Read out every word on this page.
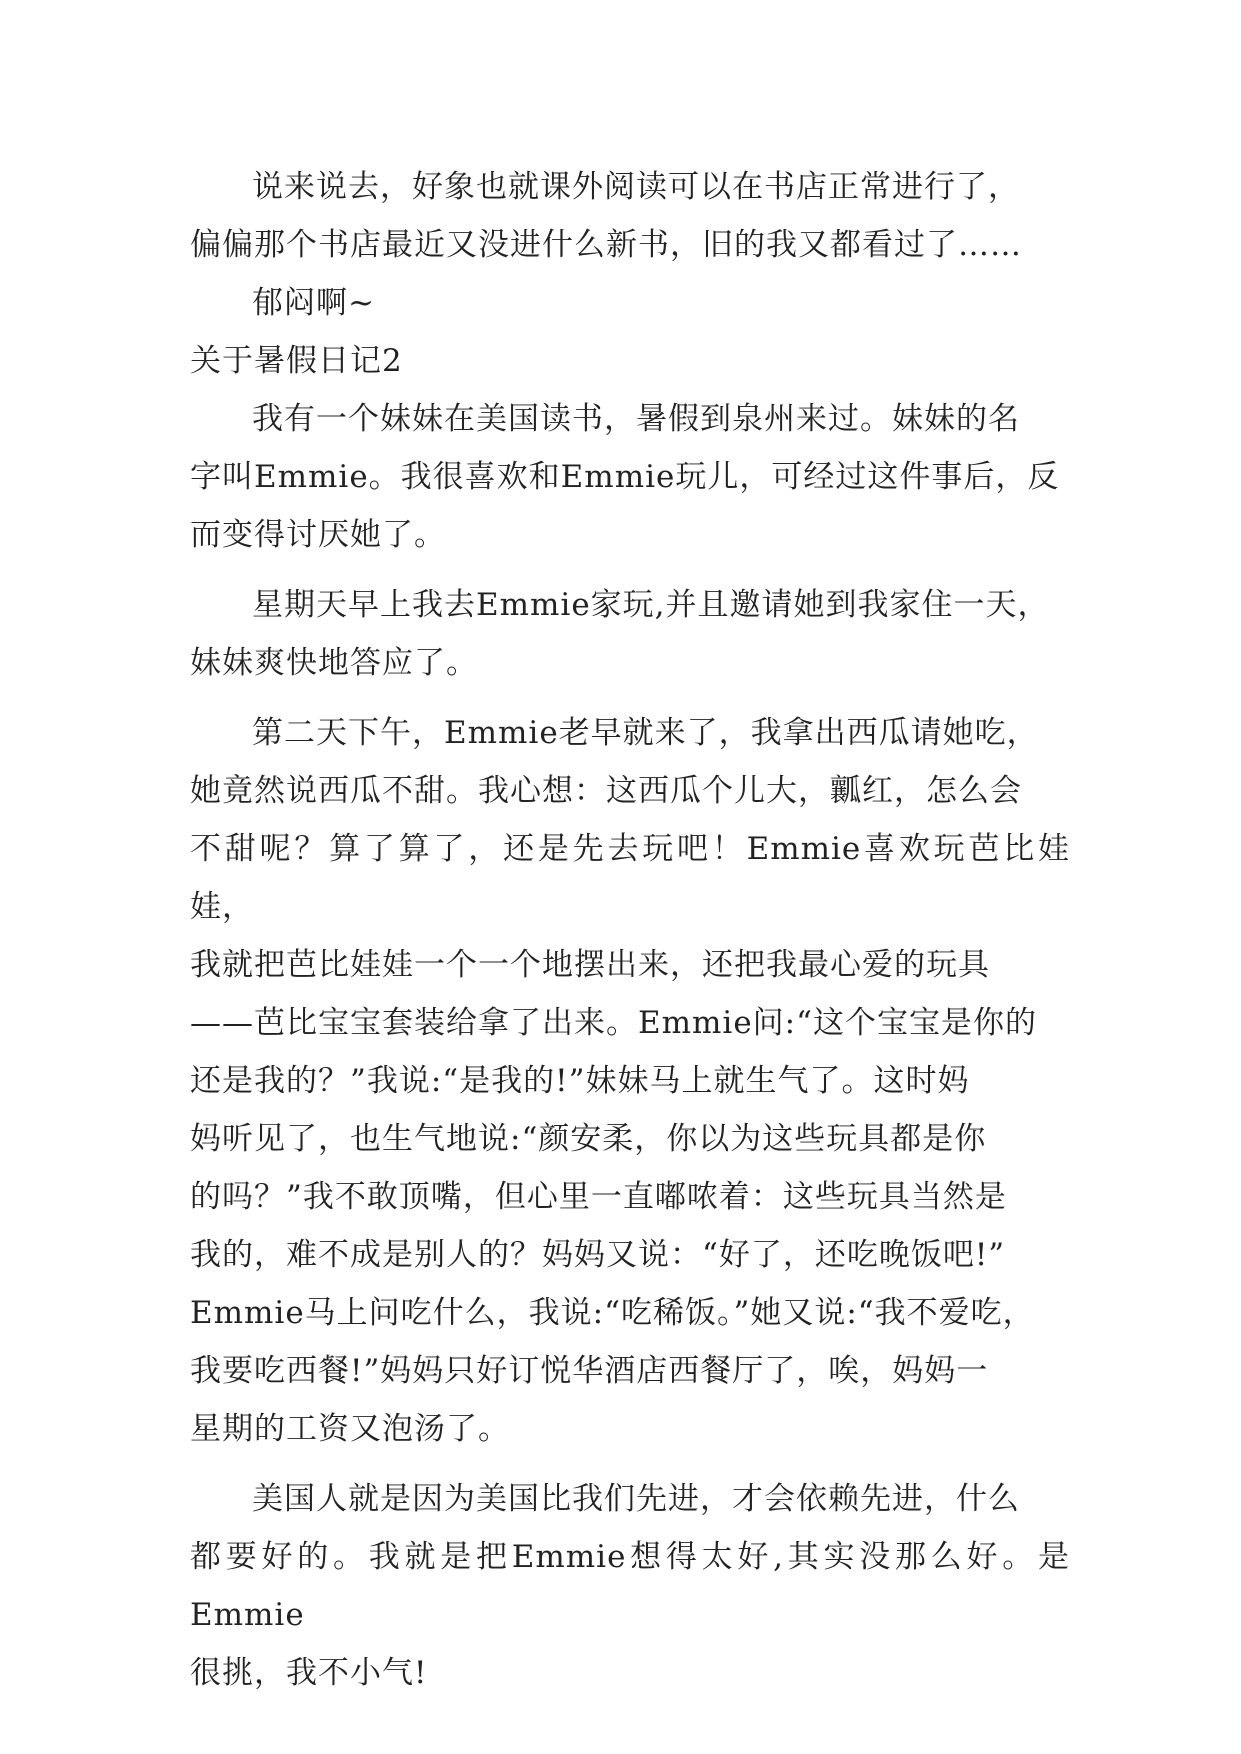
说来说去，好象也就课外阅读可以在书店正常进行了，
偏偏那个书店最近又没进什么新书，旧的我又都看过了……

郁闷啊~

关于暑假日记2

我有一个妹妹在美国读书，暑假到泉州来过。妹妹的名
字叫Emmie。我很喜欢和Emmie玩儿，可经过这件事后，反
而变得讨厌她了。

星期天早上我去Emmie家玩,并且邀请她到我家住一天，
妹妹爽快地答应了。

第二天下午，Emmie老早就来了，我拿出西瓜请她吃，
她竟然说西瓜不甜。我心想：这西瓜个儿大，瓤红，怎么会
不甜呢？算了算了，还是先去玩吧！Emmie喜欢玩芭比娃娃，
我就把芭比娃娃一个一个地摆出来，还把我最心爱的玩具
——芭比宝宝套装给拿了出来。Emmie问:“这个宝宝是你的
还是我的？”我说:“是我的!”妹妹马上就生气了。这时妈
妈听见了，也生气地说:“颜安柔，你以为这些玩具都是你
的吗？”我不敢顶嘴，但心里一直嘟哝着：这些玩具当然是
我的，难不成是别人的？妈妈又说：“好了，还吃晚饭吧!”
Emmie马上问吃什么，我说:“吃稀饭。”她又说:“我不爱吃，
我要吃西餐!”妈妈只好订悦华酒店西餐厅了，唉，妈妈一
星期的工资又泡汤了。

美国人就是因为美国比我们先进，才会依赖先进，什么
都要好的。我就是把Emmie想得太好,其实没那么好。是Emmie
很挑，我不小气!
